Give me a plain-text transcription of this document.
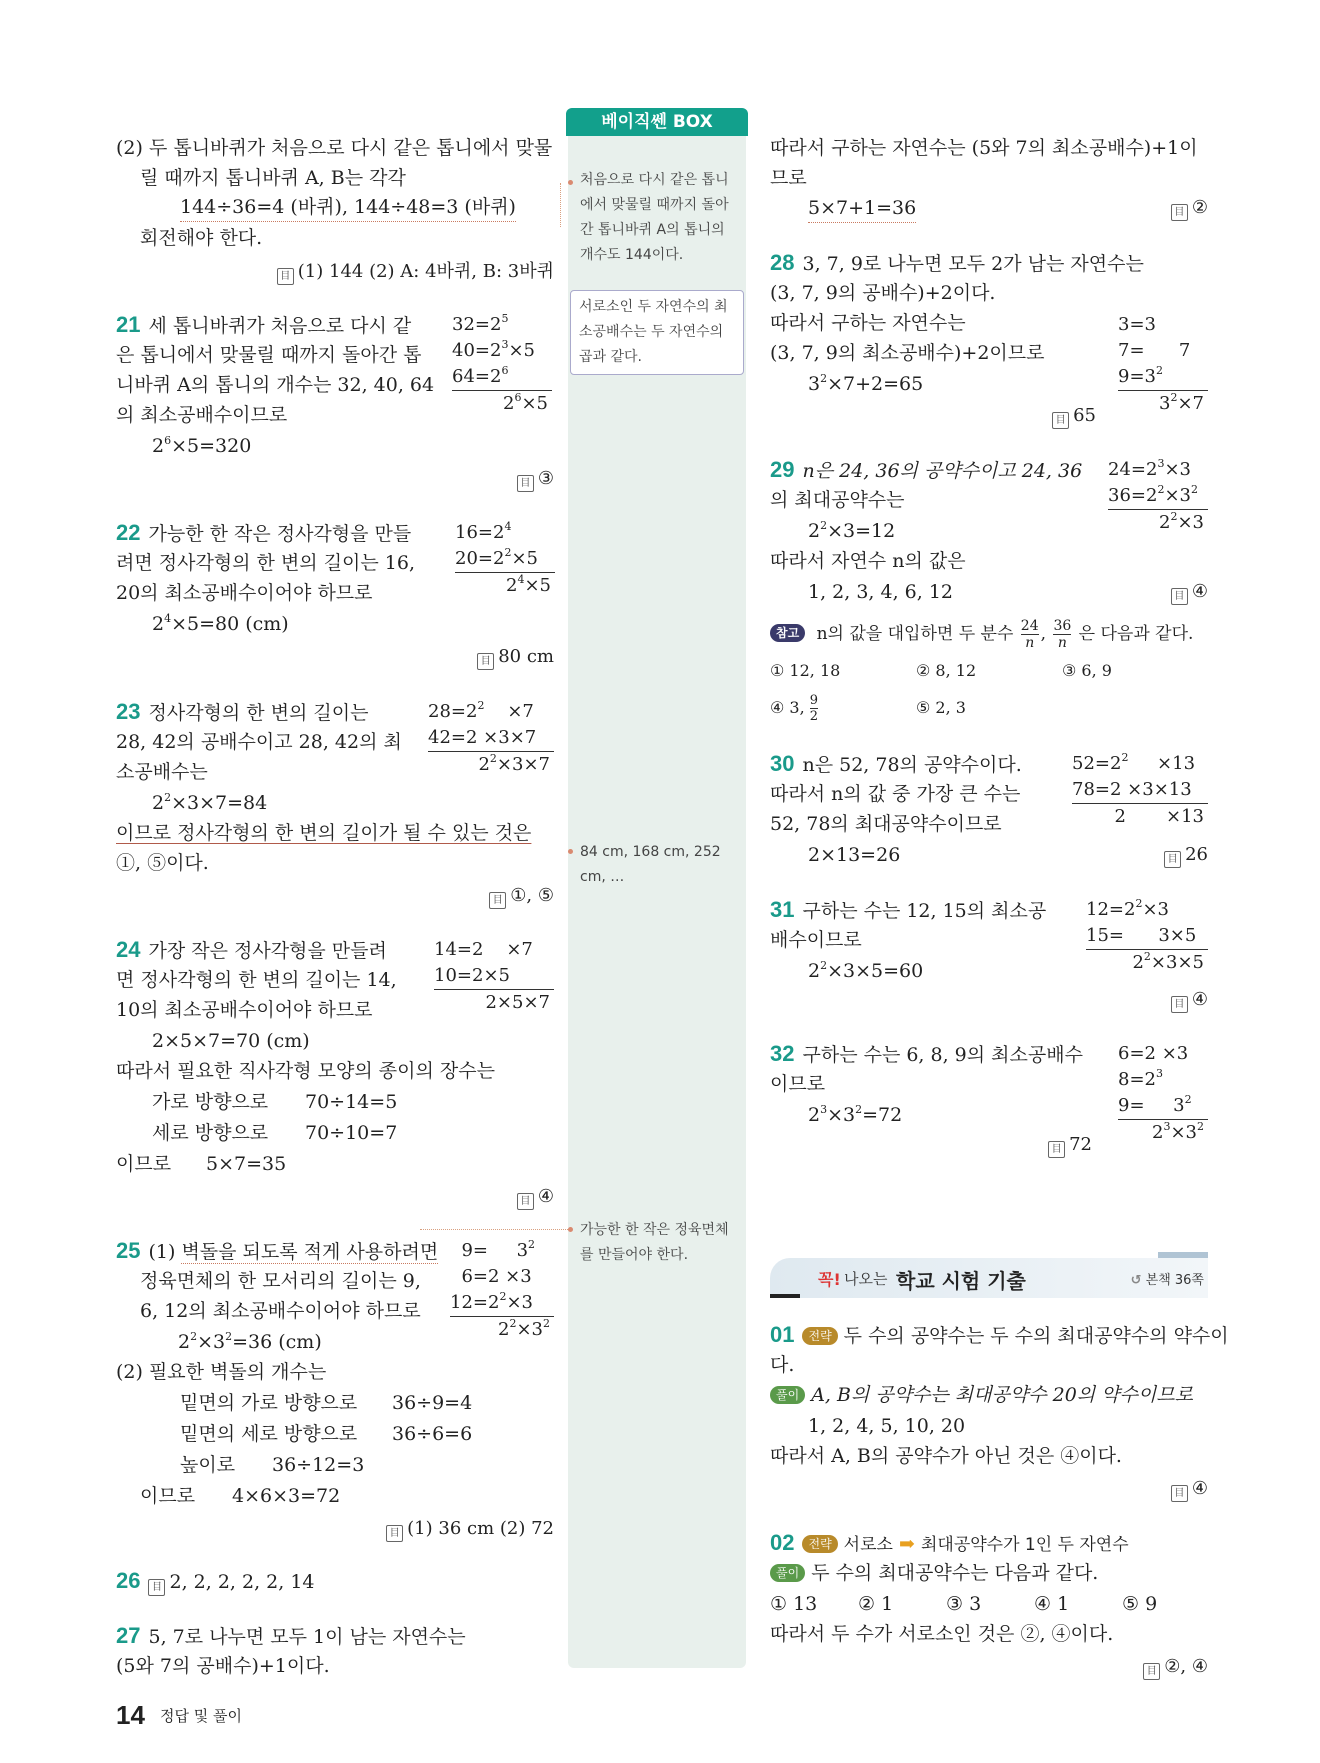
베이직쎈 BOX
처음으로 다시 같은 톱니에서 맞물릴 때까지 돌아간 톱니바퀴 A의 톱니의 개수도 144이다.
서로소인 두 자연수의 최소공배수는 두 자연수의 곱과 같다.
84 cm, 168 cm, 252 cm, …
가능한 한 작은 정육면체를 만들어야 한다.
(2) 두 톱니바퀴가 처음으로 다시 같은 톱니에서 맞물
릴 때까지 톱니바퀴 A, B는 각각
144÷36=4 (바퀴), 144÷48=3 (바퀴)
회전해야 한다.
目 (1) 144 (2) A: 4바퀴, B: 3바퀴
21 세 톱니바퀴가 처음으로 다시 같
은 톱니에서 맞물릴 때까지 돌아간 톱
니바퀴 A의 톱니의 개수는 32, 40, 64
의 최소공배수이므로
$2^6\times 5=320$
$32=2^5$
$40=2^3\times 5$
$64=2^6$
$2^6\times 5$
目 ③
22 가능한 한 작은 정사각형을 만들
려면 정사각형의 한 변의 길이는 16,
20의 최소공배수이어야 하므로
$2^4\times 5=80$ (cm)
$16=2^4$
$20=2^2\times 5$
$2^4\times 5$
目 80 cm
23 정사각형의 한 변의 길이는
28, 42의 공배수이고 28, 42의 최
소공배수는
$2^2\times 3\times 7=84$
이므로 정사각형의 한 변의 길이가 될 수 있는 것은
①, ⑤이다.
$28=2^2$    ×7
42=2 ×3×7
$2^2\times 3\times 7$
目 ①, ⑤
24 가장 작은 정사각형을 만들려
면 정사각형의 한 변의 길이는 14,
10의 최소공배수이어야 하므로
2×5×7=70 (cm)
따라서 필요한 직사각형 모양의 종이의 장수는
가로 방향으로 70÷14=5
세로 방향으로 70÷10=7
이므로 5×7=35
14=2    ×7
10=2×5
2×5×7
目 ④
25 (1) 벽돌을 되도록 적게 사용하려면
정육면체의 한 모서리의 길이는 9,
6, 12의 최소공배수이어야 하므로
$2^2\times 3^2=36$ (cm)
(2) 필요한 벽돌의 개수는
밑면의 가로 방향으로 36÷9=4
밑면의 세로 방향으로 36÷6=6
높이로 36÷12=3
이므로 4×6×3=72
9=     $3^2$
6=2 ×3
$12=2^2\times 3$
$2^2\times 3^2$
目 (1) 36 cm (2) 72
26 目 2, 2, 2, 2, 2, 14
27 5, 7로 나누면 모두 1이 남는 자연수는
(5와 7의 공배수)+1이다.
14 정답 및 풀이
따라서 구하는 자연수는 (5와 7의 최소공배수)+1이
므로
5×7+1=36	目 ②
28 3, 7, 9로 나누면 모두 2가 남는 자연수는
(3, 7, 9의 공배수)+2이다.
따라서 구하는 자연수는
(3, 7, 9의 최소공배수)+2이므로
$3^2\times 7+2=65$
3=3
7=      7
$9=3^2$
$3^2\times 7$
目 65
29 n은 24, 36의 공약수이고 24, 36
의 최대공약수는
$2^2\times 3=12$
따라서 자연수 n의 값은
1, 2, 3, 4, 6, 12
$24=2^3\times 3$
$36=2^2\times 3^2$
$2^2\times 3$
目 ④
참고 n의 값을 대입하면 두 분수 $\frac{24}{n}$ , $\frac{36}{n}$ 은 다음과 같다.
① 12, 18	② 8, 12	③ 6, 9
④ 3, $\frac{9}{2}$	⑤ 2, 3
30 n은 52, 78의 공약수이다.
따라서 n의 값 중 가장 큰 수는
52, 78의 최대공약수이므로
2×13=26
$52=2^2$     ×13
78=2 ×3×13
2       ×13
目 26
31 구하는 수는 12, 15의 최소공
배수이므로
$2^2\times 3\times 5=60$
$12=2^2\times 3$
15=      3×5
$2^2\times 3\times 5$
目 ④
32 구하는 수는 6, 8, 9의 최소공배수
이므로
$2^3\times 3^2=72$
6=2 ×3
$8=2^3$
9=     $3^2$
$2^3\times 3^2$
目 72
꼭! 나오는 학교 시험 기출	↺ 본책 36쪽
01 전략 두 수의 공약수는 두 수의 최대공약수의 약수이
다.
풀이 A, B의 공약수는 최대공약수 20의 약수이므로
1, 2, 4, 5, 10, 20
따라서 A, B의 공약수가 아닌 것은 ④이다.
目 ④
02 전략 서로소 ➡ 최대공약수가 1인 두 자연수
풀이 두 수의 최대공약수는 다음과 같다.
① 13 ② 1	③ 3	④ 1	⑤ 9
따라서 두 수가 서로소인 것은 ②, ④이다.
目 ②, ④
